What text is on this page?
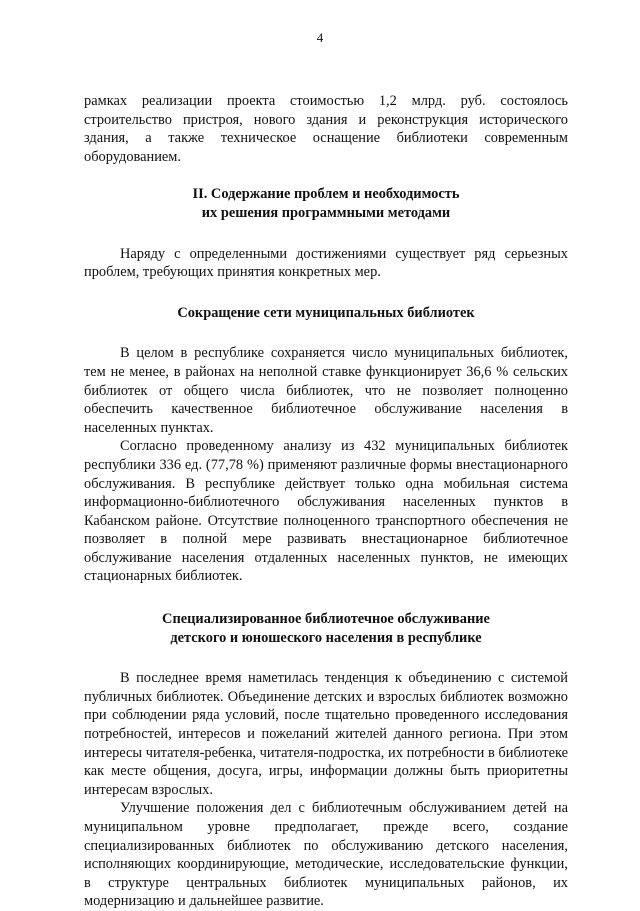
4

рамках реализации проекта стоимостью 1,2 млрд. руб. состоялось строительство пристроя, нового здания и реконструкция исторического здания, а также техническое оснащение библиотеки современным оборудованием.

II. Содержание проблем и необходимость

их решения программными методами

Наряду с определенными достижениями существует ряд серьезных проблем, требующих принятия конкретных мер.

Сокращение сети муниципальных библиотек

В целом в республике сохраняется число муниципальных библиотек, тем не менее, в районах на неполной ставке функционирует 36,6 % сельских библиотек от общего числа библиотек, что не позволяет полноценно обеспечить качественное библиотечное обслуживание населения в населенных пунктах.

Согласно проведенному анализу из 432 муниципальных библиотек республики 336 ед. (77,78 %) применяют различные формы внестационарного обслуживания. В республике действует только одна мобильная система информационно-библиотечного обслуживания населенных пунктов в Кабанском районе. Отсутствие полноценного транспортного обеспечения не позволяет в полной мере развивать внестационарное библиотечное обслуживание населения отдаленных населенных пунктов, не имеющих стационарных библиотек.

Специализированное библиотечное обслуживание

детского и юношеского населения в республике

В последнее время наметилась тенденция к объединению с системой публичных библиотек. Объединение детских и взрослых библиотек возможно при соблюдении ряда условий, после тщательно проведенного исследования потребностей, интересов и пожеланий жителей данного региона. При этом интересы читателя-ребенка, читателя-подростка, их потребности в библиотеке как месте общения, досуга, игры, информации должны быть приоритетны интересам взрослых.

Улучшение положения дел с библиотечным обслуживанием детей на муниципальном уровне предполагает, прежде всего, создание специализированных библиотек по обслуживанию детского населения, исполняющих координирующие, методические, исследовательские функции, в структуре центральных библиотек муниципальных районов, их модернизацию и дальнейшее развитие.
